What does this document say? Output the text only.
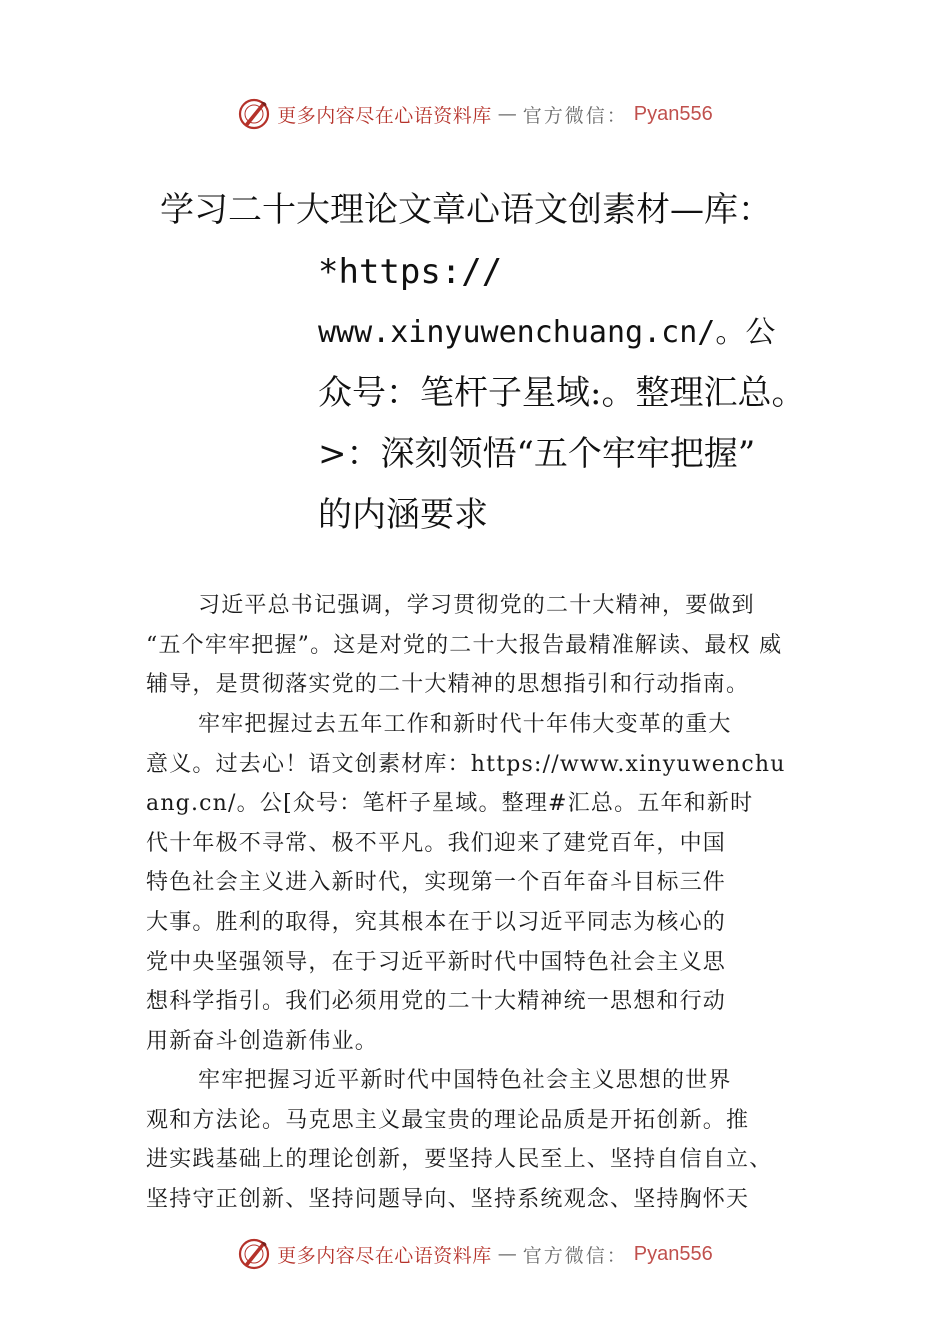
更多内容尽在心语资料库 — 官方微信： Pyan556
学习二十大理论文章心语文创素材—库：
*https://
www.xinyuwenchuang.cn/。公
众号：笔杆子星域:。整理汇总。
>：深刻领悟“五个牢牢把握”
的内涵要求
习近平总书记强调，学习贯彻党的二十大精神，要做到
“五个牢牢把握”。这是对党的二十大报告最精准解读、最权 威
辅导，是贯彻落实党的二十大精神的思想指引和行动指南。
牢牢把握过去五年工作和新时代十年伟大变革的重大
意义。过去心！语文创素材库：https://www.xinyuwenchu
ang.cn/。公[众号：笔杆子星域。整理#汇总。五年和新时
代十年极不寻常、极不平凡。我们迎来了建党百年，中国
特色社会主义进入新时代，实现第一个百年奋斗目标三件
大事。胜利的取得，究其根本在于以习近平同志为核心的
党中央坚强领导，在于习近平新时代中国特色社会主义思
想科学指引。我们必须用党的二十大精神统一思想和行动
用新奋斗创造新伟业。
牢牢把握习近平新时代中国特色社会主义思想的世界
观和方法论。马克思主义最宝贵的理论品质是开拓创新。推
进实践基础上的理论创新，要坚持人民至上、坚持自信自立、
坚持守正创新、坚持问题导向、坚持系统观念、坚持胸怀天
更多内容尽在心语资料库 — 官方微信： Pyan556
